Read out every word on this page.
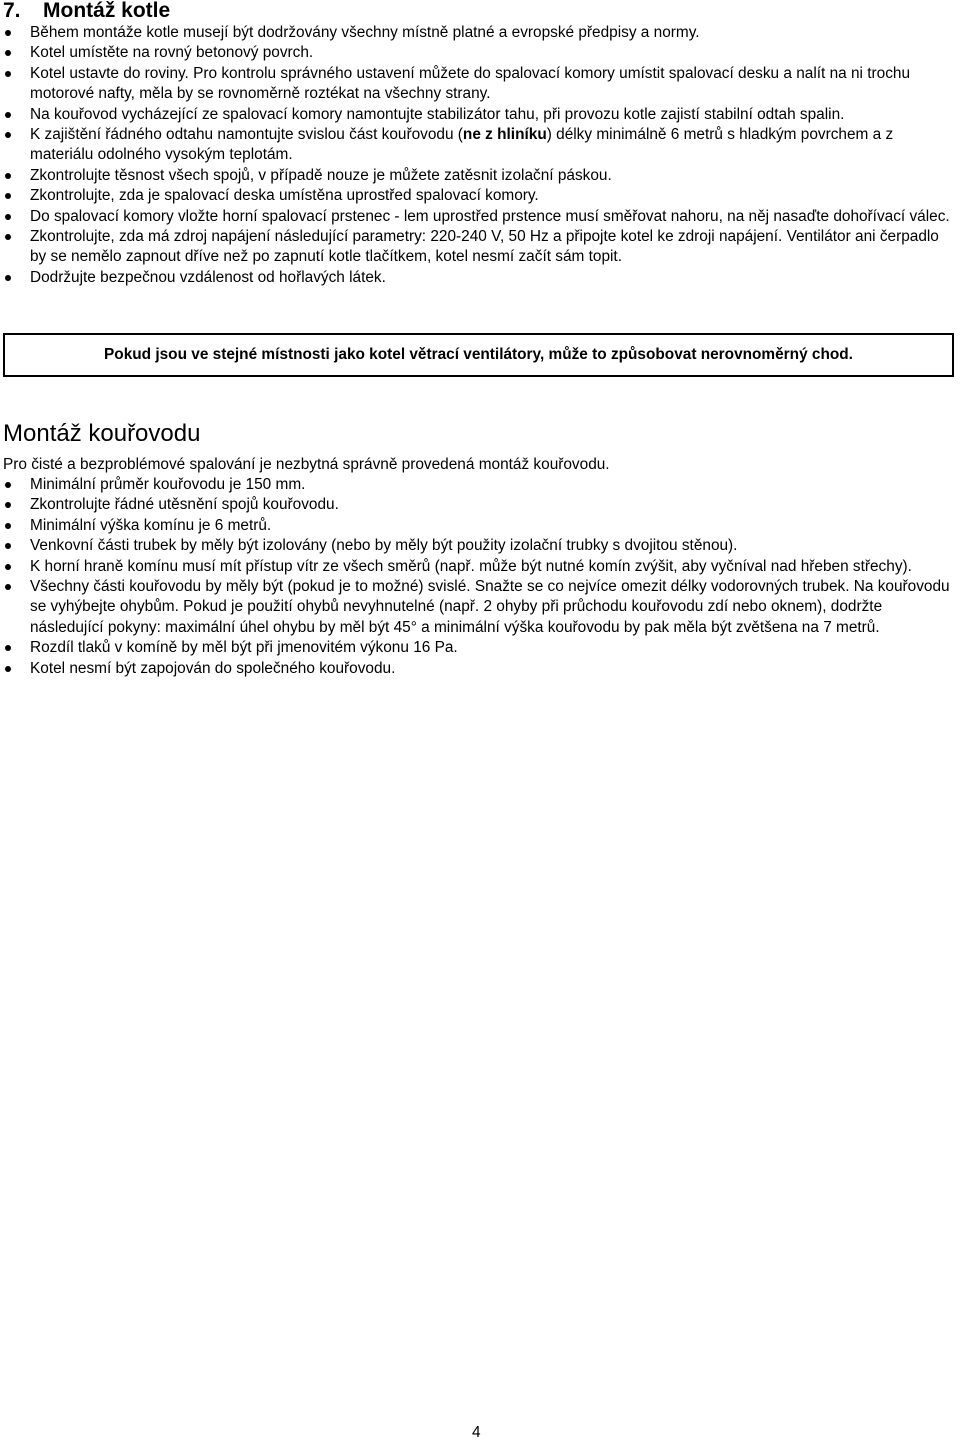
7. Montáž kotle
Během montáže kotle musejí být dodržovány všechny místně platné a evropské předpisy a normy.
Kotel umístěte na rovný betonový povrch.
Kotel ustavte do roviny. Pro kontrolu správného ustavení můžete do spalovací komory umístit spalovací desku a nalít na ni trochu motorové nafty, měla by se rovnoměrně roztékat na všechny strany.
Na kouřovod vycházející ze spalovací komory namontujte stabilizátor tahu, při provozu kotle zajistí stabilní odtah spalin.
K zajištění řádného odtahu namontujte svislou část kouřovodu (ne z hliníku) délky minimálně 6 metrů s hladkým povrchem a z materiálu odolného vysokým teplotám.
Zkontrolujte těsnost všech spojů, v případě nouze je můžete zatěsnit izolační páskou.
Zkontrolujte, zda je spalovací deska umístěna uprostřed spalovací komory.
Do spalovací komory vložte horní spalovací prstenec - lem uprostřed prstence musí směřovat nahoru, na něj nasaďte dohořívací válec.
Zkontrolujte, zda má zdroj napájení následující parametry: 220-240 V, 50 Hz a připojte kotel ke zdroji napájení. Ventilátor ani čerpadlo by se nemělo zapnout dříve než po zapnutí kotle tlačítkem, kotel nesmí začít sám topit.
Dodržujte bezpečnou vzdálenost od hořlavých látek.
Pokud jsou ve stejné místnosti jako kotel větrací ventilátory, může to způsobovat nerovnoměrný chod.
Montáž kouřovodu

Pro čisté a bezproblémové spalování je nezbytná správně provedená montáž kouřovodu.

Minimální průměr kouřovodu je 150 mm.
Zkontrolujte řádné utěsnění spojů kouřovodu.
Minimální výška komínu je 6 metrů.
Venkovní části trubek by měly být izolovány (nebo by měly být použity izolační trubky s dvojitou stěnou).
K horní hraně komínu musí mít přístup vítr ze všech směrů (např. může být nutné komín zvýšit, aby vyčníval nad hřeben střechy).
Všechny části kouřovodu by měly být (pokud je to možné) svislé. Snažte se co nejvíce omezit délky vodorovných trubek. Na kouřovodu se vyhýbejte ohybům. Pokud je použití ohybů nevyhnutelné (např. 2 ohyby při průchodu kouřovodu zdí nebo oknem), dodržte následující pokyny: maximální úhel ohybu by měl být 45° a minimální výška kouřovodu by pak měla být zvětšena na 7 metrů.
Rozdíl tlaků v komíně by měl být při jmenovitém výkonu 16 Pa.
Kotel nesmí být zapojován do společného kouřovodu.
4
